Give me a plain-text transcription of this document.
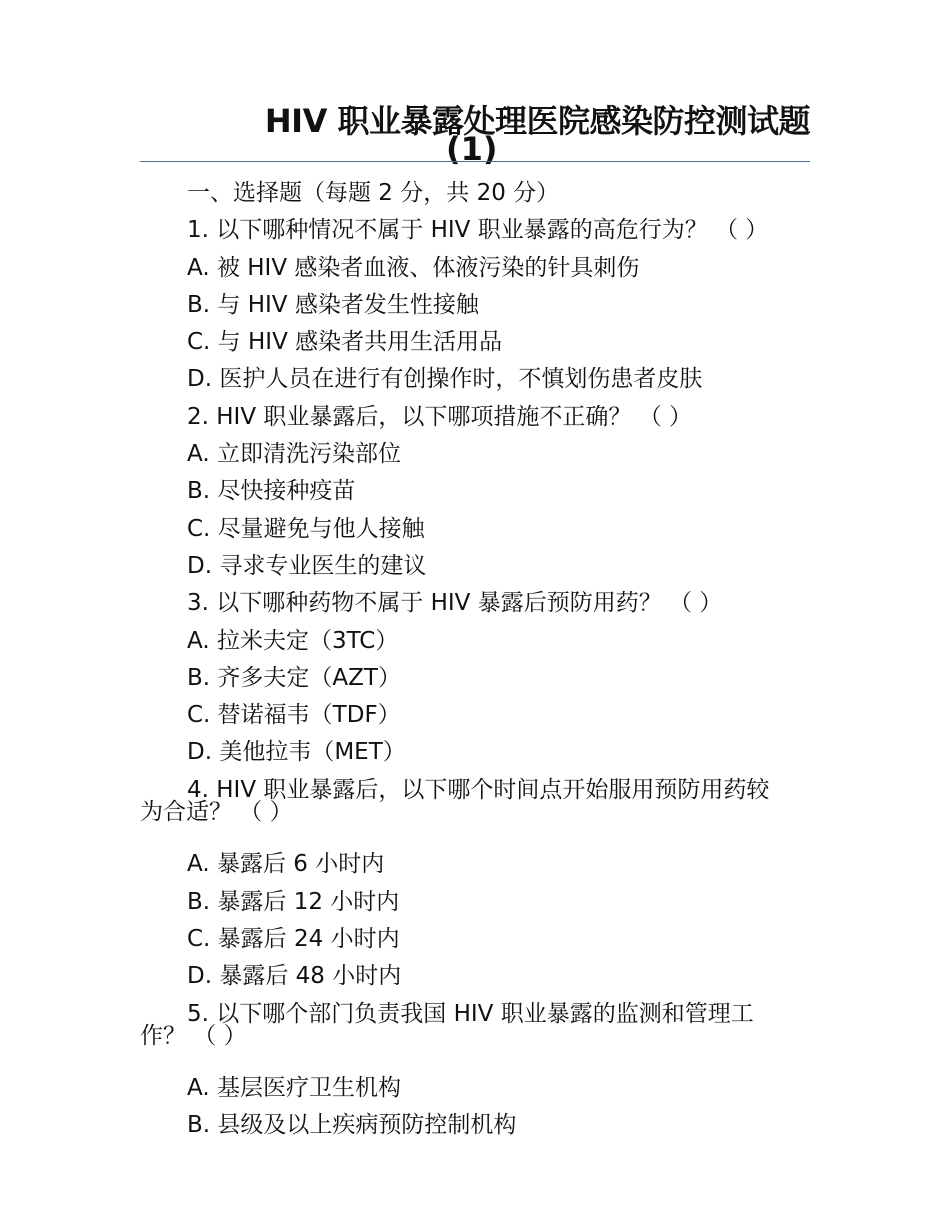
HIV 职业暴露处理医院感染防控测试题
(1)
一、选择题（每题 2 分，共 20 分）
1. 以下哪种情况不属于 HIV 职业暴露的高危行为？ （ ）
A. 被 HIV 感染者血液、体液污染的针具刺伤
B. 与 HIV 感染者发生性接触
C. 与 HIV 感染者共用生活用品
D. 医护人员在进行有创操作时，不慎划伤患者皮肤
2. HIV 职业暴露后，以下哪项措施不正确？ （ ）
A. 立即清洗污染部位
B. 尽快接种疫苗
C. 尽量避免与他人接触
D. 寻求专业医生的建议
3. 以下哪种药物不属于 HIV 暴露后预防用药？ （ ）
A. 拉米夫定（3TC）
B. 齐多夫定（AZT）
C. 替诺福韦（TDF）
D. 美他拉韦（MET）
4. HIV 职业暴露后，以下哪个时间点开始服用预防用药较
为合适？ （ ）
A. 暴露后 6 小时内
B. 暴露后 12 小时内
C. 暴露后 24 小时内
D. 暴露后 48 小时内
5. 以下哪个部门负责我国 HIV 职业暴露的监测和管理工
作？ （ ）
A. 基层医疗卫生机构
B. 县级及以上疾病预防控制机构
